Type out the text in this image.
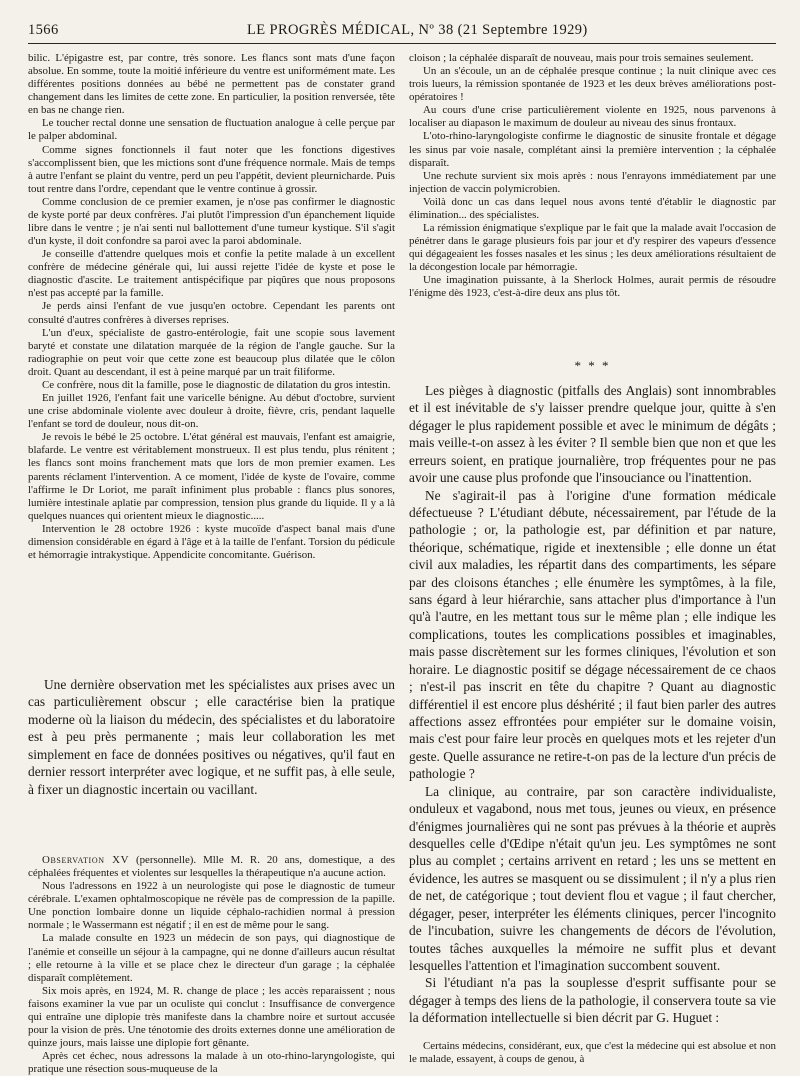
1566	LE PROGRÈS MÉDICAL, Nº 38 (21 Septembre 1929)

bilic. L'épigastre est, par contre, très sonore. Les flancs sont mats d'une façon absolue. En somme, toute la moitié inférieure du ventre est uniformément mate. Les différentes positions données au bébé ne permettent pas de constater grand changement dans les limites de cette zone. En particulier, la position renversée, tête en bas ne change rien.

Le toucher rectal donne une sensation de fluctuation analogue à celle perçue par le palper abdominal.

Comme signes fonctionnels il faut noter que les fonctions digestives s'accomplissent bien, que les mictions sont d'une fréquence normale. Mais de temps à autre l'enfant se plaint du ventre, perd un peu l'appétit, devient pleurnicharde. Puis tout rentre dans l'ordre, cependant que le ventre continue à grossir.

Comme conclusion de ce premier examen, je n'ose pas confirmer le diagnostic de kyste porté par deux confrères. J'ai plutôt l'impression d'un épanchement liquide libre dans le ventre ; je n'ai senti nul ballottement d'une tumeur kystique. S'il s'agit d'un kyste, il doit confondre sa paroi avec la paroi abdominale.

Je conseille d'attendre quelques mois et confie la petite malade à un excellent confrère de médecine générale qui, lui aussi rejette l'idée de kyste et pose le diagnostic d'ascite. Le traitement antispécifique par piqûres que nous proposons n'est pas accepté par la famille.

Je perds ainsi l'enfant de vue jusqu'en octobre. Cependant les parents ont consulté d'autres confrères à diverses reprises.

L'un d'eux, spécialiste de gastro-entérologie, fait une scopie sous lavement baryté et constate une dilatation marquée de la région de l'angle gauche. Sur la radiographie on peut voir que cette zone est beaucoup plus dilatée que le côlon droit. Quant au descendant, il est à peine marqué par un trait filiforme.

Ce confrère, nous dit la famille, pose le diagnostic de dilatation du gros intestin.

En juillet 1926, l'enfant fait une varicelle bénigne. Au début d'octobre, survient une crise abdominale violente avec douleur à droite, fièvre, cris, pendant laquelle l'enfant se tord de douleur, nous dit-on.

Je revois le bébé le 25 octobre. L'état général est mauvais, l'enfant est amaigrie, blafarde. Le ventre est véritablement monstrueux. Il est plus tendu, plus rénitent ; les flancs sont moins franchement mats que lors de mon premier examen. Les parents réclament l'intervention. A ce moment, l'idée de kyste de l'ovaire, comme l'affirme le Dr Loriot, me paraît infiniment plus probable : flancs plus sonores, lumière intestinale aplatie par compression, tension plus grande du liquide. Il y a là quelques nuances qui orientent mieux le diagnostic.....

Intervention le 28 octobre 1926 : kyste mucoïde d'aspect banal mais d'une dimension considérable en égard à l'âge et à la taille de l'enfant. Torsion du pédicule et hémorragie intrakystique. Appendicite concomitante. Guérison.

Une dernière observation met les spécialistes aux prises avec un cas particulièrement obscur ; elle caractérise bien la pratique moderne où la liaison du médecin, des spécialistes et du laboratoire est à peu près permanente ; mais leur collaboration les met simplement en face de données positives ou négatives, qu'il faut en dernier ressort interpréter avec logique, et ne suffit pas, à elle seule, à fixer un diagnostic incertain ou vacillant.

Observation XV (personnelle). Mlle M. R. 20 ans, domestique, a des céphalées fréquentes et violentes sur lesquelles la thérapeutique n'a aucune action.

Nous l'adressons en 1922 à un neurologiste qui pose le diagnostic de tumeur cérébrale. L'examen ophtalmoscopique ne révèle pas de compression de la papille. Une ponction lombaire donne un liquide céphalo-rachidien normal à pression normale ; le Wassermann est négatif ; il en est de même pour le sang.

La malade consulte en 1923 un médecin de son pays, qui diagnostique de l'anémie et conseille un séjour à la campagne, qui ne donne d'ailleurs aucun résultat ; elle retourne à la ville et se place chez le directeur d'un garage ; la céphalée disparaît complètement.

Six mois après, en 1924, M. R. change de place ; les accès reparaissent ; nous faisons examiner la vue par un oculiste qui conclut : Insuffisance de convergence qui entraîne une diplopie très manifeste dans la chambre noire et surtout accusée pour la vision de près. Une ténotomie des droits externes donne une amélioration de quinze jours, mais laisse une diplopie fort gênante.

Après cet échec, nous adressons la malade à un oto-rhino-laryngologiste, qui pratique une résection sous-muqueuse de la

cloison ; la céphalée disparaît de nouveau, mais pour trois semaines seulement.

Un an s'écoule, un an de céphalée presque continue ; la nuit clinique avec ces trois lueurs, la rémission spontanée de 1923 et les deux brèves améliorations post-opératoires !

Au cours d'une crise particulièrement violente en 1925, nous parvenons à localiser au diapason le maximum de douleur au niveau des sinus frontaux.

L'oto-rhino-laryngologiste confirme le diagnostic de sinusite frontale et dégage les sinus par voie nasale, complétant ainsi la première intervention ; la céphalée disparaît.

Une rechute survient six mois après : nous l'enrayons immédiatement par une injection de vaccin polymicrobien.

Voilà donc un cas dans lequel nous avons tenté d'établir le diagnostic par élimination... des spécialistes.

La rémission énigmatique s'explique par le fait que la malade avait l'occasion de pénétrer dans le garage plusieurs fois par jour et d'y respirer des vapeurs d'essence qui dégageaient les fosses nasales et les sinus ; les deux améliorations résultaient de la décongestion locale par hémorragie.

Une imagination puissante, à la Sherlock Holmes, aurait permis de résoudre l'énigme dès 1923, c'est-à-dire deux ans plus tôt.

* * *

Les pièges à diagnostic (pitfalls des Anglais) sont innombrables et il est inévitable de s'y laisser prendre quelque jour, quitte à s'en dégager le plus rapidement possible et avec le minimum de dégâts ; mais veille-t-on assez à les éviter ? Il semble bien que non et que les erreurs soient, en pratique journalière, trop fréquentes pour ne pas avoir une cause plus profonde que l'insouciance ou l'inattention.

Ne s'agirait-il pas à l'origine d'une formation médicale défectueuse ? L'étudiant débute, nécessairement, par l'étude de la pathologie ; or, la pathologie est, par définition et par nature, théorique, schématique, rigide et inextensible ; elle donne un état civil aux maladies, les répartit dans des compartiments, les sépare par des cloisons étanches ; elle énumère les symptômes, à la file, sans égard à leur hiérarchie, sans attacher plus d'importance à l'un qu'à l'autre, en les mettant tous sur le même plan ; elle indique les complications, toutes les complications possibles et imaginables, mais passe discrètement sur les formes cliniques, l'évolution et son horaire. Le diagnostic positif se dégage nécessairement de ce chaos ; n'est-il pas inscrit en tête du chapitre ? Quant au diagnostic différentiel il est encore plus déshérité ; il faut bien parler des autres affections assez effrontées pour empiéter sur le domaine voisin, mais c'est pour faire leur procès en quelques mots et les rejeter d'un geste. Quelle assurance ne retire-t-on pas de la lecture d'un précis de pathologie ?

La clinique, au contraire, par son caractère individualiste, onduleux et vagabond, nous met tous, jeunes ou vieux, en présence d'énigmes journalières qui ne sont pas prévues à la théorie et auprès desquelles celle d'Œdipe n'était qu'un jeu. Les symptômes ne sont plus au complet ; certains arrivent en retard ; les uns se mettent en évidence, les autres se masquent ou se dissimulent ; il n'y a plus rien de net, de catégorique ; tout devient flou et vague ; il faut chercher, dégager, peser, interpréter les éléments cliniques, percer l'incognito de l'incubation, suivre les changements de décors de l'évolution, toutes tâches auxquelles la mémoire ne suffit plus et devant lesquelles l'attention et l'imagination succombent souvent.

Si l'étudiant n'a pas la souplesse d'esprit suffisante pour se dégager à temps des liens de la pathologie, il conservera toute sa vie la déformation intellectuelle si bien décrit par G. Huguet :

Certains médecins, considérant, eux, que c'est la médecine qui est absolue et non le malade, essayent, à coups de genou, à
